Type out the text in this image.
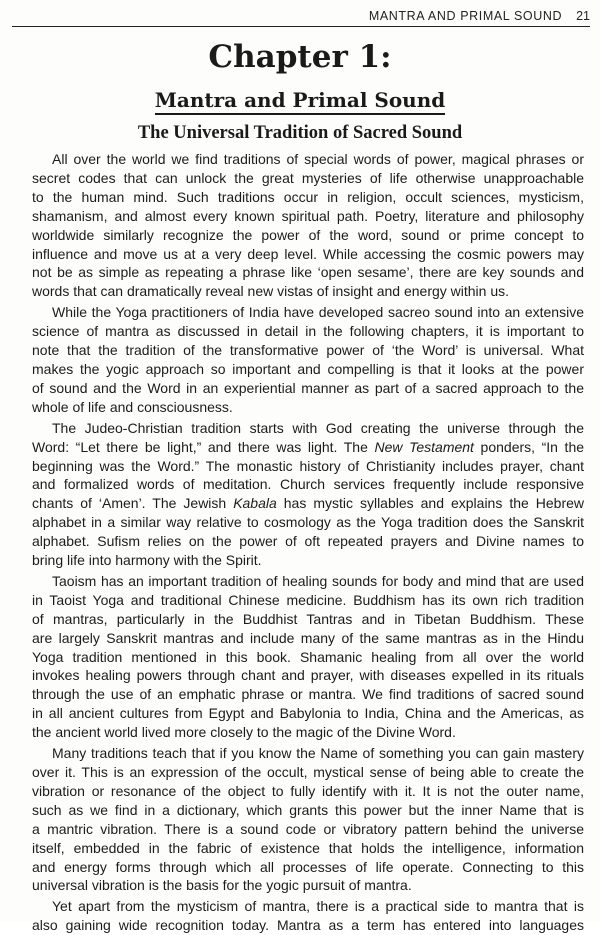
MANTRA AND PRIMAL SOUND 21
Chapter 1:
Mantra and Primal Sound
The Universal Tradition of Sacred Sound
All over the world we find traditions of special words of power, magical phrases or
secret codes that can unlock the great mysteries of life otherwise unapproachable
to the human mind. Such traditions occur in religion, occult sciences, mysticism,
shamanism, and almost every known spiritual path. Poetry, literature and philosophy
worldwide similarly recognize the power of the word, sound or prime concept to
influence and move us at a very deep level. While accessing the cosmic powers may
not be as simple as repeating a phrase like ‘open sesame’, there are key sounds and
words that can dramatically reveal new vistas of insight and energy within us.
While the Yoga practitioners of India have developed sacreo sound into an extensive
science of mantra as discussed in detail in the following chapters, it is important to
note that the tradition of the transformative power of ‘the Word’ is universal. What
makes the yogic approach so important and compelling is that it looks at the power
of sound and the Word in an experiential manner as part of a sacred approach to the
whole of life and consciousness.
The Judeo-Christian tradition starts with God creating the universe through the
Word: “Let there be light,” and there was light. The New Testament ponders, “In the
beginning was the Word.” The monastic history of Christianity includes prayer, chant
and formalized words of meditation. Church services frequently include responsive
chants of ‘Amen’. The Jewish Kabala has mystic syllables and explains the Hebrew
alphabet in a similar way relative to cosmology as the Yoga tradition does the Sanskrit
alphabet. Sufism relies on the power of oft repeated prayers and Divine names to
bring life into harmony with the Spirit.
Taoism has an important tradition of healing sounds for body and mind that are used
in Taoist Yoga and traditional Chinese medicine. Buddhism has its own rich tradition
of mantras, particularly in the Buddhist Tantras and in Tibetan Buddhism. These
are largely Sanskrit mantras and include many of the same mantras as in the Hindu
Yoga tradition mentioned in this book. Shamanic healing from all over the world
invokes healing powers through chant and prayer, with diseases expelled in its rituals
through the use of an emphatic phrase or mantra. We find traditions of sacred sound
in all ancient cultures from Egypt and Babylonia to India, China and the Americas, as
the ancient world lived more closely to the magic of the Divine Word.
Many traditions teach that if you know the Name of something you can gain mastery
over it. This is an expression of the occult, mystical sense of being able to create the
vibration or resonance of the object to fully identify with it. It is not the outer name,
such as we find in a dictionary, which grants this power but the inner Name that is
a mantric vibration. There is a sound code or vibratory pattern behind the universe
itself, embedded in the fabric of existence that holds the intelligence, information
and energy forms through which all processes of life operate. Connecting to this
universal vibration is the basis for the yogic pursuit of mantra.
Yet apart from the mysticism of mantra, there is a practical side to mantra that is
also gaining wide recognition today. Mantra as a term has entered into languages
